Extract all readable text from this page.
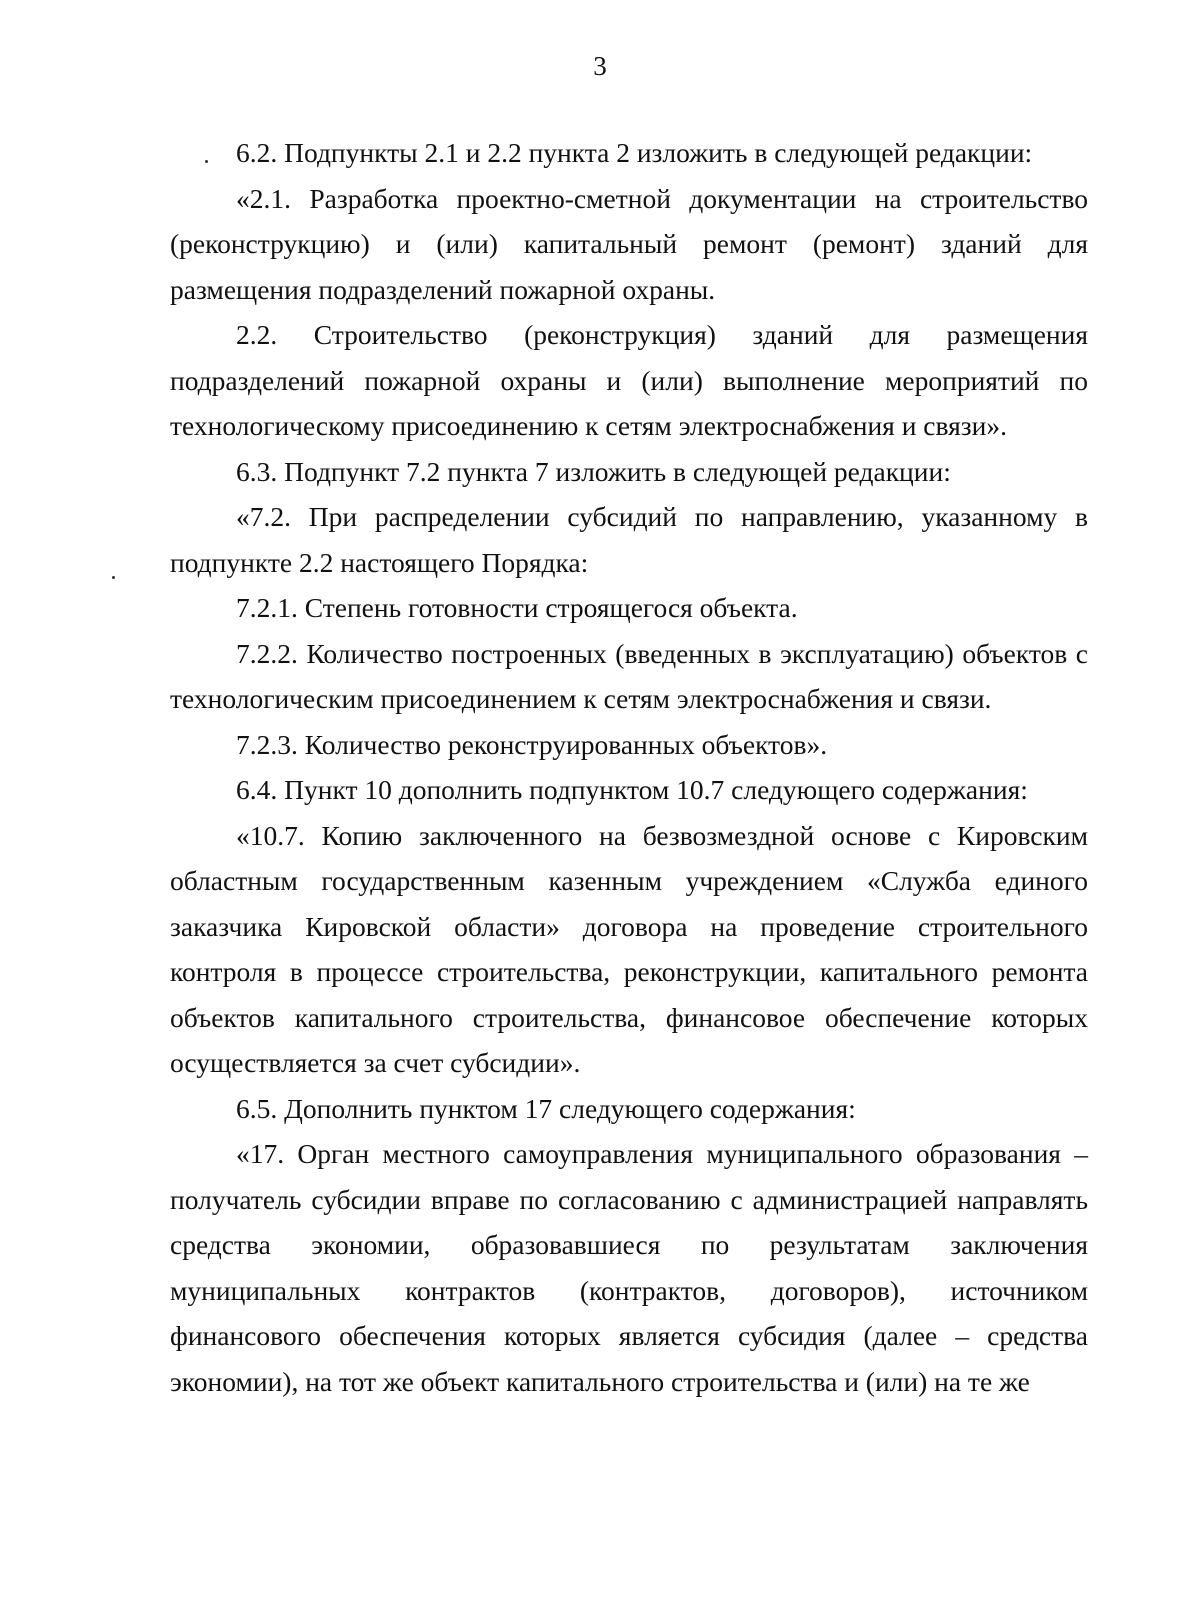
3

6.2. Подпункты 2.1 и 2.2 пункта 2 изложить в следующей редакции:

«2.1. Разработка проектно-сметной документации на строительство (реконструкцию) и (или) капитальный ремонт (ремонт) зданий для размещения подразделений пожарной охраны.

2.2. Строительство (реконструкция) зданий для размещения подразделений пожарной охраны и (или) выполнение мероприятий по технологическому присоединению к сетям электроснабжения и связи».

6.3. Подпункт 7.2 пункта 7 изложить в следующей редакции:

«7.2. При распределении субсидий по направлению, указанному в подпункте 2.2 настоящего Порядка:

7.2.1. Степень готовности строящегося объекта.

7.2.2. Количество построенных (введенных в эксплуатацию) объектов с технологическим присоединением к сетям электроснабжения и связи.

7.2.3. Количество реконструированных объектов».

6.4. Пункт 10 дополнить подпунктом 10.7 следующего содержания:

«10.7. Копию заключенного на безвозмездной основе с Кировским областным государственным казенным учреждением «Служба единого заказчика Кировской области» договора на проведение строительного контроля в процессе строительства, реконструкции, капитального ремонта объектов капитального строительства, финансовое обеспечение которых осуществляется за счет субсидии».

6.5. Дополнить пунктом 17 следующего содержания:

«17. Орган местного самоуправления муниципального образования – получатель субсидии вправе по согласованию с администрацией направлять средства экономии, образовавшиеся по результатам заключения муниципальных контрактов (контрактов, договоров), источником финансового обеспечения которых является субсидия (далее – средства экономии), на тот же объект капитального строительства и (или) на те же
